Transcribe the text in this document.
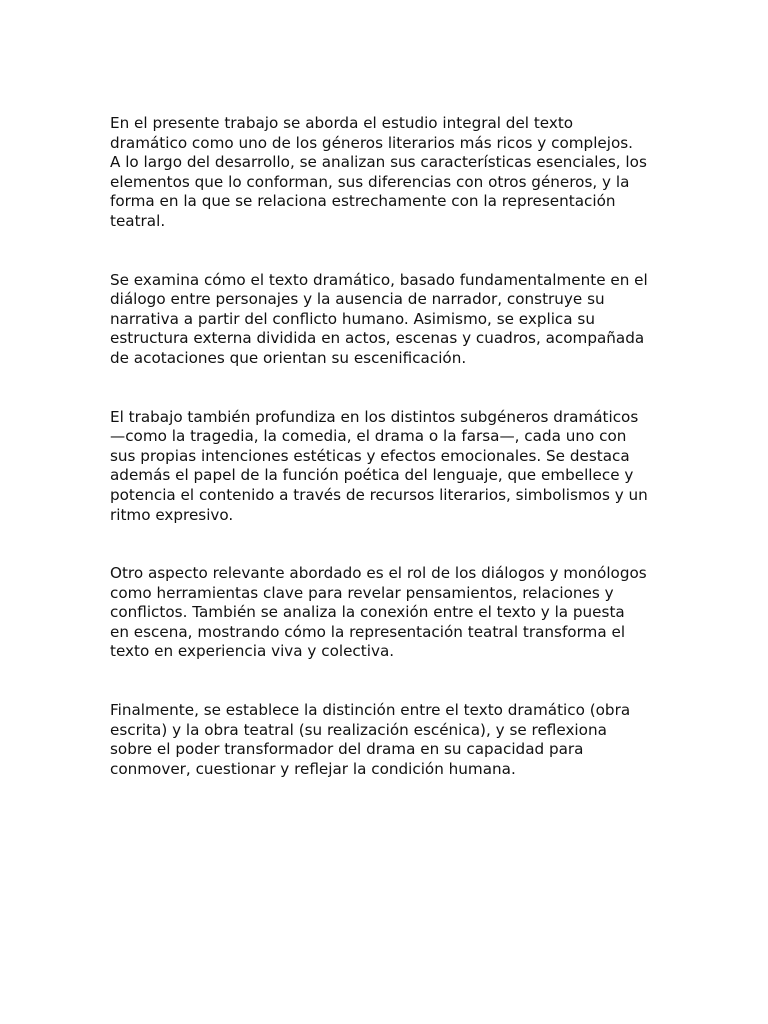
En el presente trabajo se aborda el estudio integral del texto
dramático como uno de los géneros literarios más ricos y complejos.
A lo largo del desarrollo, se analizan sus características esenciales, los
elementos que lo conforman, sus diferencias con otros géneros, y la
forma en la que se relaciona estrechamente con la representación
teatral.

Se examina cómo el texto dramático, basado fundamentalmente en el
diálogo entre personajes y la ausencia de narrador, construye su
narrativa a partir del conflicto humano. Asimismo, se explica su
estructura externa dividida en actos, escenas y cuadros, acompañada
de acotaciones que orientan su escenificación.

El trabajo también profundiza en los distintos subgéneros dramáticos
—como la tragedia, la comedia, el drama o la farsa—, cada uno con
sus propias intenciones estéticas y efectos emocionales. Se destaca
además el papel de la función poética del lenguaje, que embellece y
potencia el contenido a través de recursos literarios, simbolismos y un
ritmo expresivo.

Otro aspecto relevante abordado es el rol de los diálogos y monólogos
como herramientas clave para revelar pensamientos, relaciones y
conflictos. También se analiza la conexión entre el texto y la puesta
en escena, mostrando cómo la representación teatral transforma el
texto en experiencia viva y colectiva.

Finalmente, se establece la distinción entre el texto dramático (obra
escrita) y la obra teatral (su realización escénica), y se reflexiona
sobre el poder transformador del drama en su capacidad para
conmover, cuestionar y reflejar la condición humana.
